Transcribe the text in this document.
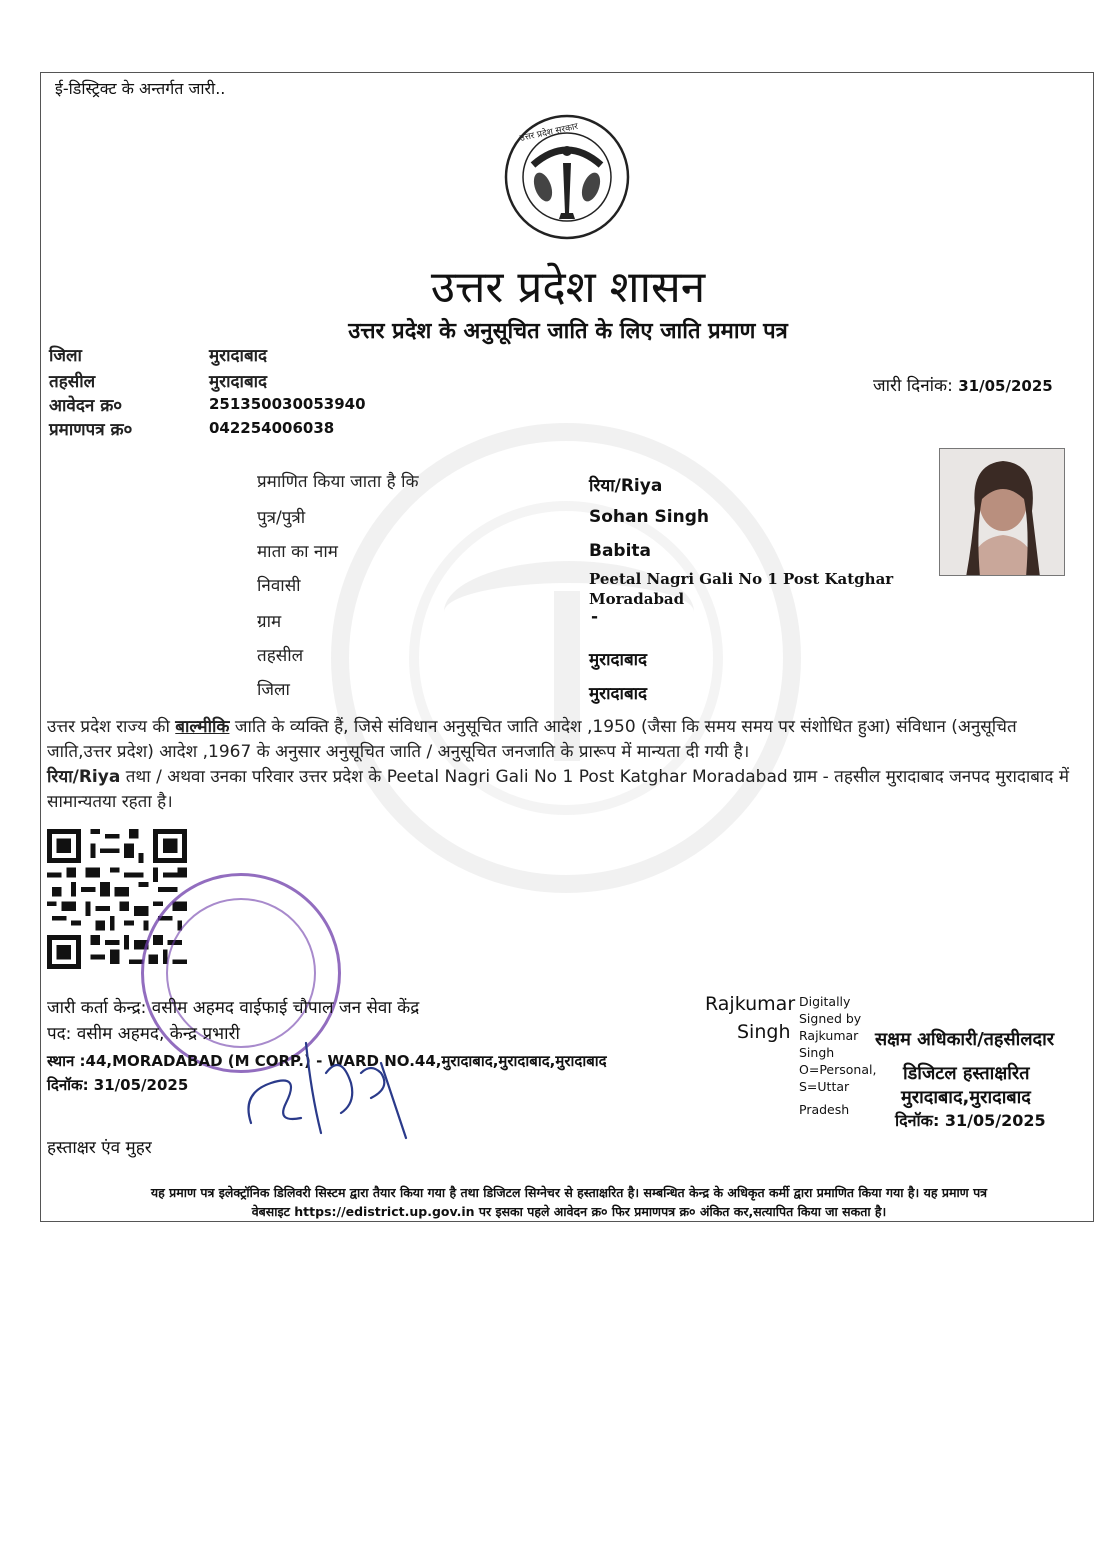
ई-डिस्ट्रिक्ट के अन्तर्गत जारी..
उत्तर प्रदेश सरकार
उत्तर प्रदेश शासन
उत्तर प्रदेश के अनुसूचित जाति के लिए जाति प्रमाण पत्र
जिला	मुरादाबाद
तहसील	मुरादाबाद
आवेदन क्र०	251350030053940
प्रमाणपत्र क्र०	042254006038
जारी दिनांक: 31/05/2025
प्रमाणित किया जाता है कि	रिया/Riya
पुत्र/पुत्री	Sohan Singh
माता का नाम	Babita
निवासी	Peetal Nagri Gali No 1 Post Katghar
Moradabad
ग्राम	-
तहसील	मुरादाबाद
जिला	मुरादाबाद
उत्तर प्रदेश राज्य की बाल्मीकि जाति के व्यक्ति हैं, जिसे संविधान अनुसूचित जाति आदेश ,1950 (जैसा कि समय समय पर संशोधित हुआ) संविधान (अनुसूचित जाति,उत्तर प्रदेश) आदेश ,1967 के अनुसार अनुसूचित जाति / अनुसूचित जनजाति के प्रारूप में मान्यता दी गयी है।
रिया/Riya तथा / अथवा उनका परिवार उत्तर प्रदेश के Peetal Nagri Gali No 1 Post Katghar Moradabad ग्राम - तहसील मुरादाबाद जनपद मुरादाबाद में सामान्यतया रहता है।
जारी कर्ता केन्द्र: वसीम अहमद वाईफाई चौपाल जन सेवा केंद्र
पद: वसीम अहमद, केन्द्र प्रभारी
स्थान :44,MORADABAD (M CORP.) - WARD NO.44,मुरादाबाद,मुरादाबाद,मुरादाबाद
दिनॉक: 31/05/2025
हस्ताक्षर एंव मुहर
Rajkumar
Singh
Digitally
Signed by
Rajkumar
Singh
O=Personal,
S=Uttar
Pradesh
सक्षम अधिकारी/तहसीलदार
डिजिटल हस्ताक्षरित
मुरादाबाद,मुरादाबाद
दिनॉक: 31/05/2025
यह प्रमाण पत्र इलेक्ट्रॉनिक डिलिवरी सिस्टम द्वारा तैयार किया गया है तथा डिजिटल सिग्नेचर से हस्ताक्षरित है। सम्बन्धित केन्द्र के अधिकृत कर्मी द्वारा प्रमाणित किया गया है। यह प्रमाण पत्र
वेबसाइट https://edistrict.up.gov.in पर इसका पहले आवेदन क्र० फिर प्रमाणपत्र क्र० अंकित कर,सत्यापित किया जा सकता है।
